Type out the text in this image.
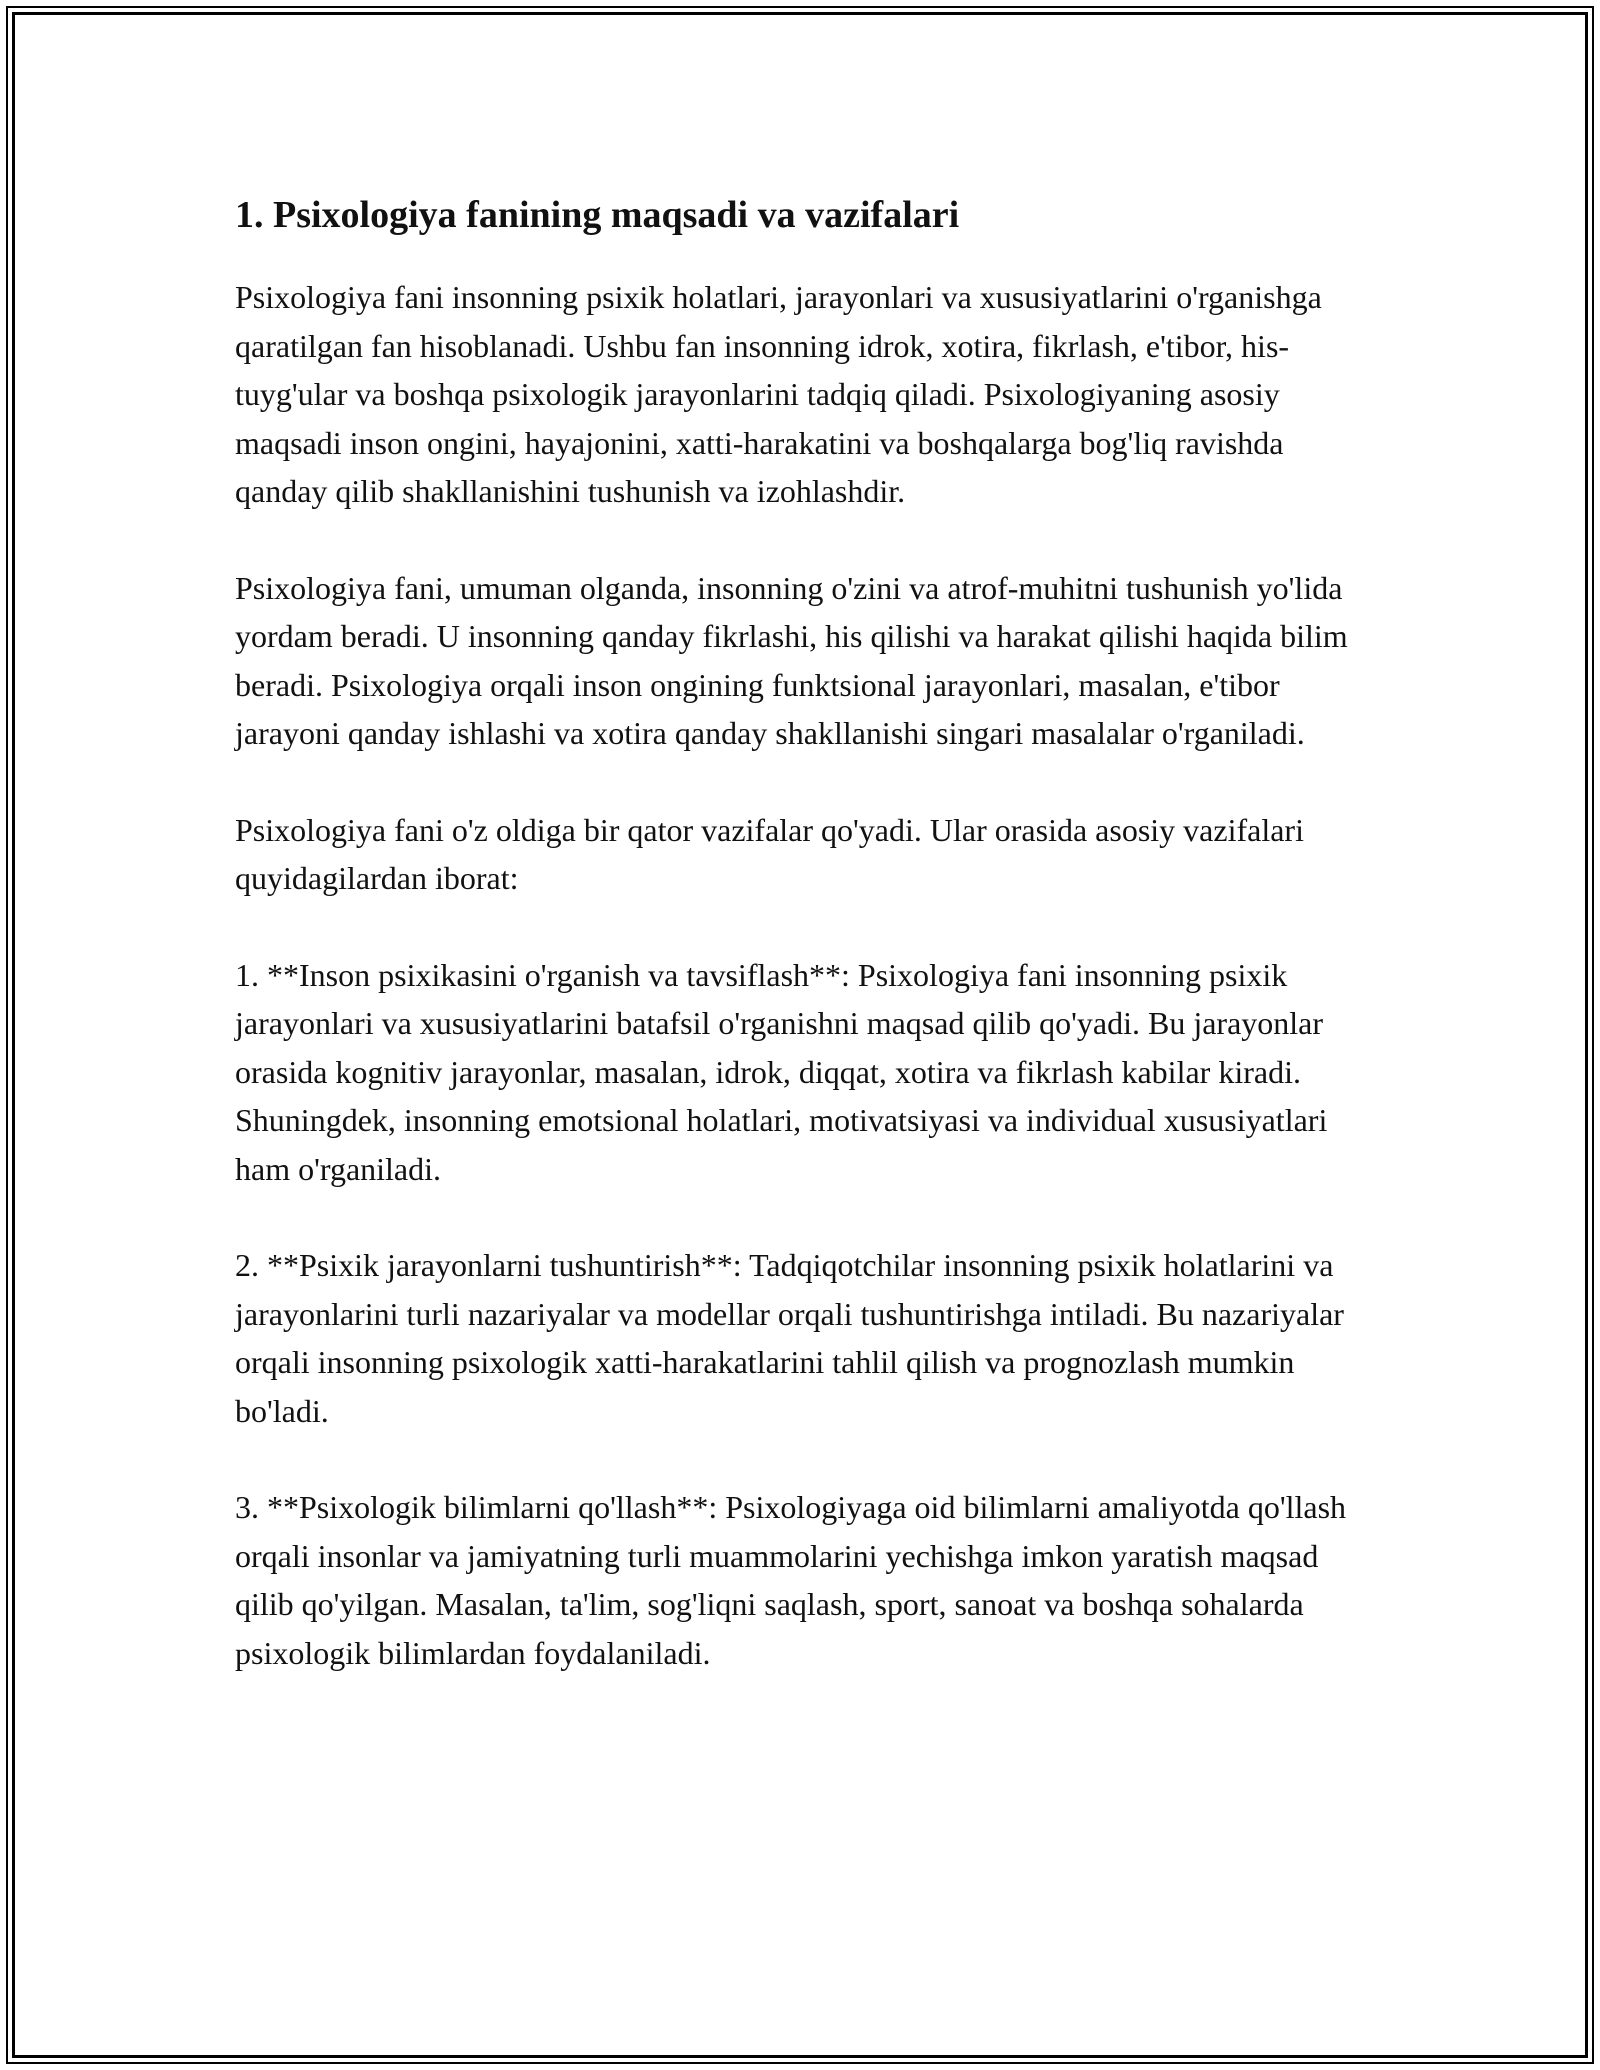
1. Psixologiya fanining maqsadi va vazifalari

Psixologiya fani insonning psixik holatlari, jarayonlari va xususiyatlarini o'rganishga qaratilgan fan hisoblanadi. Ushbu fan insonning idrok, xotira, fikrlash, e'tibor, his-tuyg'ular va boshqa psixologik jarayonlarini tadqiq qiladi. Psixologiyaning asosiy maqsadi inson ongini, hayajonini, xatti-harakatini va boshqalarga bog'liq ravishda qanday qilib shakllanishini tushunish va izohlashdir.

Psixologiya fani, umuman olganda, insonning o'zini va atrof-muhitni tushunish yo'lida yordam beradi. U insonning qanday fikrlashi, his qilishi va harakat qilishi haqida bilim beradi. Psixologiya orqali inson ongining funktsional jarayonlari, masalan, e'tibor jarayoni qanday ishlashi va xotira qanday shakllanishi singari masalalar o'rganiladi.

Psixologiya fani o'z oldiga bir qator vazifalar qo'yadi. Ular orasida asosiy vazifalari quyidagilardan iborat:

1. **Inson psixikasini o'rganish va tavsiflash**: Psixologiya fani insonning psixik jarayonlari va xususiyatlarini batafsil o'rganishni maqsad qilib qo'yadi. Bu jarayonlar orasida kognitiv jarayonlar, masalan, idrok, diqqat, xotira va fikrlash kabilar kiradi. Shuningdek, insonning emotsional holatlari, motivatsiyasi va individual xususiyatlari ham o'rganiladi.

2. **Psixik jarayonlarni tushuntirish**: Tadqiqotchilar insonning psixik holatlarini va jarayonlarini turli nazariyalar va modellar orqali tushuntirishga intiladi. Bu nazariyalar orqali insonning psixologik xatti-harakatlarini tahlil qilish va prognozlash mumkin bo'ladi.

3. **Psixologik bilimlarni qo'llash**: Psixologiyaga oid bilimlarni amaliyotda qo'llash orqali insonlar va jamiyatning turli muammolarini yechishga imkon yaratish maqsad qilib qo'yilgan. Masalan, ta'lim, sog'liqni saqlash, sport, sanoat va boshqa sohalarda psixologik bilimlardan foydalaniladi.
